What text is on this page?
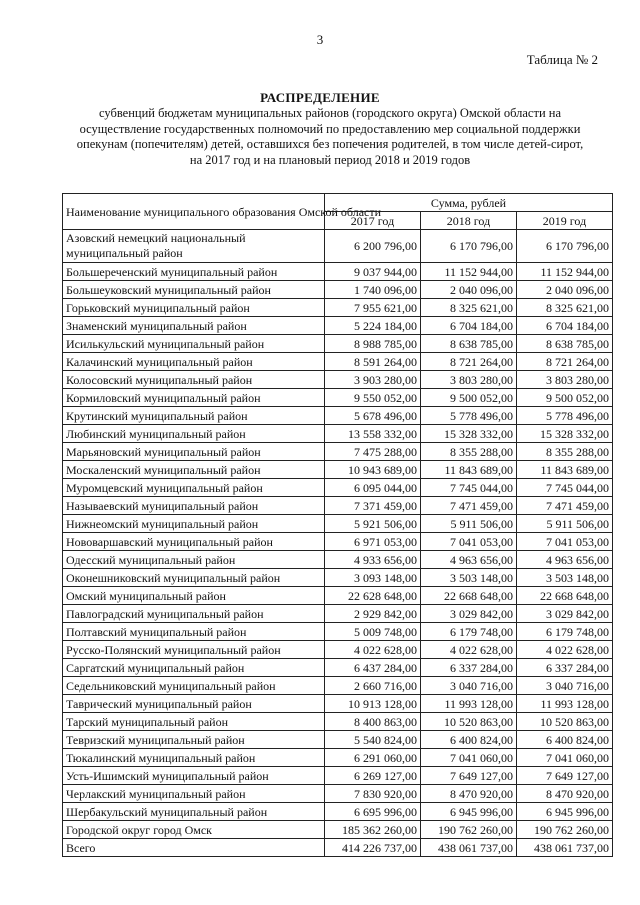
3
Таблица № 2
РАСПРЕДЕЛЕНИЕ
субвенций бюджетам муниципальных районов (городского округа) Омской области на осуществление государственных полномочий по предоставлению мер социальной поддержки опекунам (попечителям) детей, оставшихся без попечения родителей, в том числе детей-сирот, на 2017 год и на плановый период 2018 и 2019 годов
Наименование муниципального образования Омской области	Сумма, рублей		
	2017 год	2018 год	2019 год
Азовский немецкий национальный муниципальный район	6 200 796,00	6 170 796,00	6 170 796,00
Большереченский муниципальный район	9 037 944,00	11 152 944,00	11 152 944,00
Большеуковский муниципальный район	1 740 096,00	2 040 096,00	2 040 096,00
Горьковский муниципальный район	7 955 621,00	8 325 621,00	8 325 621,00
Знаменский муниципальный район	5 224 184,00	6 704 184,00	6 704 184,00
Исилькульский муниципальный район	8 988 785,00	8 638 785,00	8 638 785,00
Калачинский муниципальный район	8 591 264,00	8 721 264,00	8 721 264,00
Колосовский муниципальный район	3 903 280,00	3 803 280,00	3 803 280,00
Кормиловский муниципальный район	9 550 052,00	9 500 052,00	9 500 052,00
Крутинский муниципальный район	5 678 496,00	5 778 496,00	5 778 496,00
Любинский муниципальный район	13 558 332,00	15 328 332,00	15 328 332,00
Марьяновский муниципальный район	7 475 288,00	8 355 288,00	8 355 288,00
Москаленский муниципальный район	10 943 689,00	11 843 689,00	11 843 689,00
Муромцевский муниципальный район	6 095 044,00	7 745 044,00	7 745 044,00
Называевский муниципальный район	7 371 459,00	7 471 459,00	7 471 459,00
Нижнеомский муниципальный район	5 921 506,00	5 911 506,00	5 911 506,00
Нововаршавский муниципальный район	6 971 053,00	7 041 053,00	7 041 053,00
Одесский муниципальный район	4 933 656,00	4 963 656,00	4 963 656,00
Оконешниковский муниципальный район	3 093 148,00	3 503 148,00	3 503 148,00
Омский муниципальный район	22 628 648,00	22 668 648,00	22 668 648,00
Павлоградский муниципальный район	2 929 842,00	3 029 842,00	3 029 842,00
Полтавский муниципальный район	5 009 748,00	6 179 748,00	6 179 748,00
Русско-Полянский муниципальный район	4 022 628,00	4 022 628,00	4 022 628,00
Саргатский муниципальный район	6 437 284,00	6 337 284,00	6 337 284,00
Седельниковский муниципальный район	2 660 716,00	3 040 716,00	3 040 716,00
Таврический муниципальный район	10 913 128,00	11 993 128,00	11 993 128,00
Тарский муниципальный район	8 400 863,00	10 520 863,00	10 520 863,00
Тевризский муниципальный район	5 540 824,00	6 400 824,00	6 400 824,00
Тюкалинский муниципальный район	6 291 060,00	7 041 060,00	7 041 060,00
Усть-Ишимский муниципальный район	6 269 127,00	7 649 127,00	7 649 127,00
Черлакский муниципальный район	7 830 920,00	8 470 920,00	8 470 920,00
Шербакульский муниципальный район	6 695 996,00	6 945 996,00	6 945 996,00
Городской округ город Омск	185 362 260,00	190 762 260,00	190 762 260,00
Всего	414 226 737,00	438 061 737,00	438 061 737,00
